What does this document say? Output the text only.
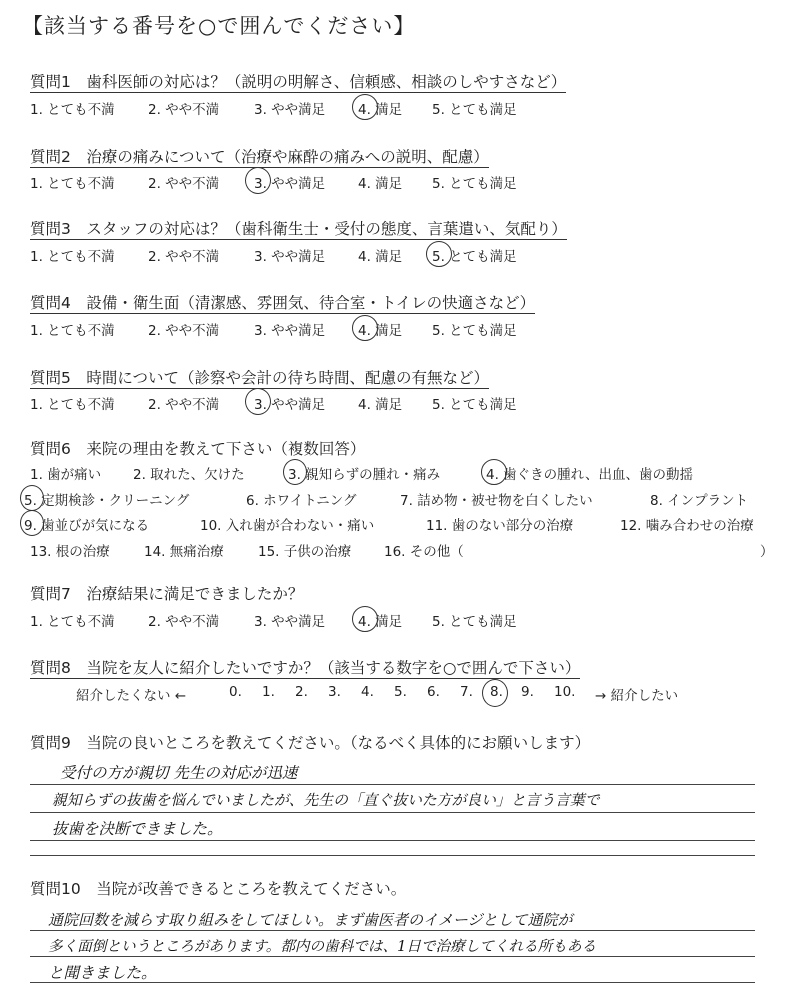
【該当する番号を○で囲んでください】
質問1　歯科医師の対応は？（説明の明解さ、信頼感、相談のしやすさなど）
1. とても不満 2. やや不満	3. やや満足 4. 満足 5. とても満足
質問2　治療の痛みについて（治療や麻酔の痛みへの説明、配慮）
1. とても不満 2. やや不満	3. やや満足 4. 満足 5. とても満足
質問3　スタッフの対応は？（歯科衛生士・受付の態度、言葉遣い、気配り）
1. とても不満 2. やや不満	3. やや満足 4. 満足 5. とても満足
質問4　設備・衛生面（清潔感、雰囲気、待合室・トイレの快適さなど）
1. とても不満 2. やや不満	3. やや満足 4. 満足 5. とても満足
質問5　時間について（診察や会計の待ち時間、配慮の有無など）
1. とても不満 2. やや不満	3. やや満足 4. 満足 5. とても満足
質問6　来院の理由を教えて下さい（複数回答）
1. 歯が痛い 2. 取れた、欠けた	3. 親知らずの腫れ・痛み	4. 歯ぐきの腫れ、出血、歯の動揺
5. 定期検診・クリーニング	6. ホワイトニング	7. 詰め物・被せ物を白くしたい	8. インプラント
9. 歯並びが気になる	10. 入れ歯が合わない・痛い	11. 歯のない部分の治療	12. 噛み合わせの治療
13. 根の治療	14. 無痛治療	15. 子供の治療 16. その他（	）
質問7　治療結果に満足できましたか？
1. とても不満 2. やや不満	3. やや満足 4. 満足 5. とても満足
質問8　当院を友人に紹介したいですか？（該当する数字を○で囲んで下さい）
紹介したくない ←	0. 1. 2. 3. 4. 5. 6. 7. 8. 9. 10. → 紹介したい
質問9　当院の良いところを教えてください。（なるべく具体的にお願いします）
受付の方が親切 先生の対応が迅速
親知らずの抜歯を悩んでいましたが、先生の「直ぐ抜いた方が良い」と言う言葉で
抜歯を決断できました。
質問10　当院が改善できるところを教えてください。
通院回数を減らす取り組みをしてほしい。まず歯医者のイメージとして通院が
多く面倒というところがあります。都内の歯科では、1日で治療してくれる所もある
と聞きました。
